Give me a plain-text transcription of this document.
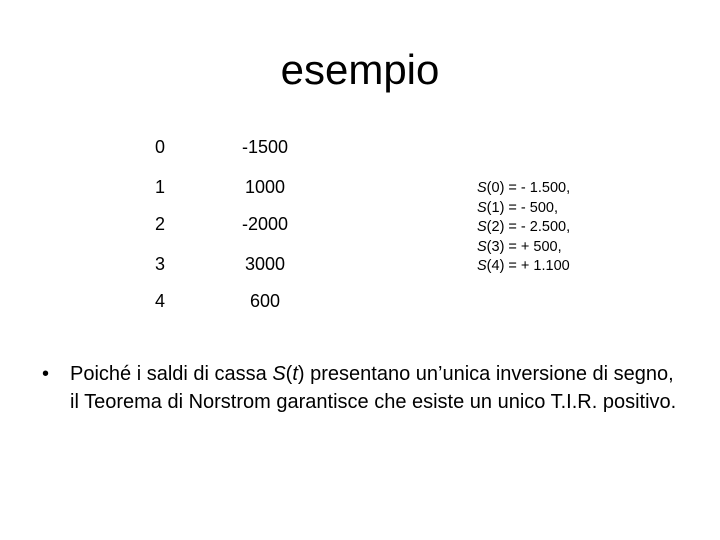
esempio
0	-1500
1	1000
2	-2000
3	3000
4	600
S(0) = - 1.500,
S(1) = - 500,
S(2) = - 2.500,
S(3) = + 500,
S(4) = + 1.100
• Poiché i saldi di cassa S(t) presentano un’unica inversione di segno, il Teorema di Norstrom garantisce che esiste un unico T.I.R. positivo.
